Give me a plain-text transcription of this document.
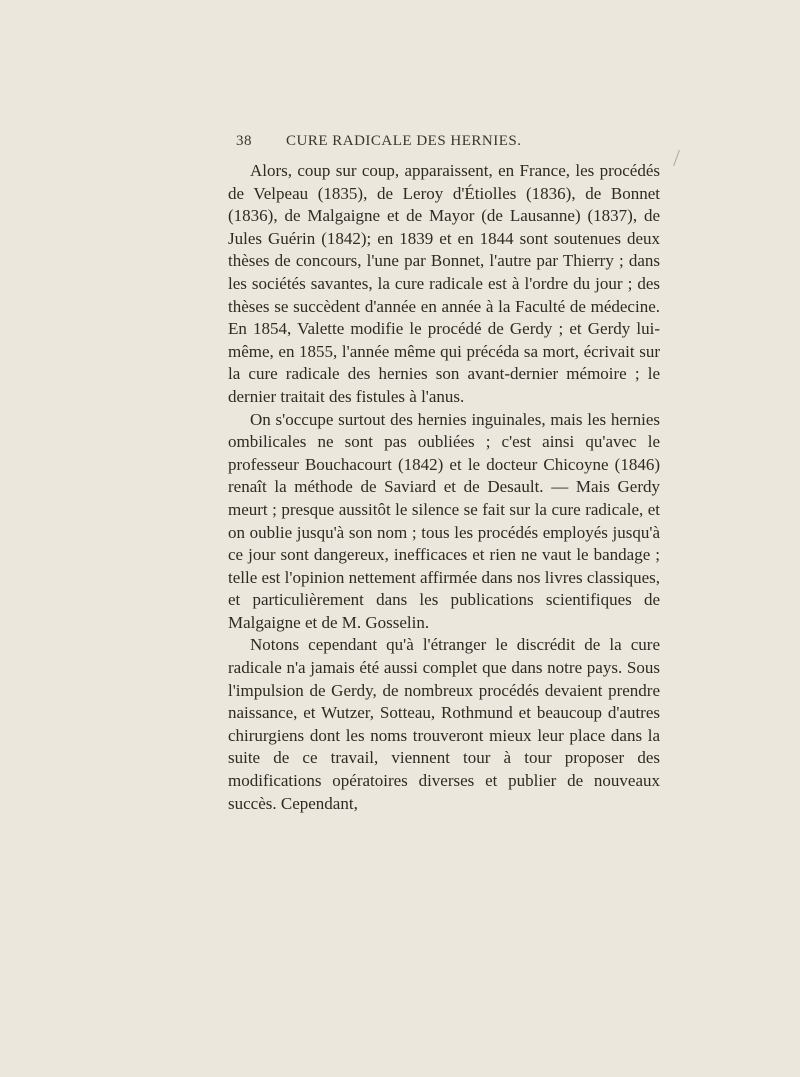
38 CURE RADICALE DES HERNIES.

Alors, coup sur coup, apparaissent, en France, les procédés de Velpeau (1835), de Leroy d'Étiolles (1836), de Bonnet (1836), de Malgaigne et de Mayor (de Lausanne) (1837), de Jules Guérin (1842); en 1839 et en 1844 sont soutenues deux thèses de concours, l'une par Bonnet, l'autre par Thierry ; dans les sociétés savantes, la cure radicale est à l'ordre du jour ; des thèses se succèdent d'année en année à la Faculté de médecine. En 1854, Valette modifie le procédé de Gerdy ; et Gerdy lui-même, en 1855, l'année même qui précéda sa mort, écrivait sur la cure radicale des hernies son avant-dernier mémoire ; le dernier traitait des fistules à l'anus.

On s'occupe surtout des hernies inguinales, mais les hernies ombilicales ne sont pas oubliées ; c'est ainsi qu'avec le professeur Bouchacourt (1842) et le docteur Chicoyne (1846) renaît la méthode de Saviard et de Desault. — Mais Gerdy meurt ; presque aussitôt le silence se fait sur la cure radicale, et on oublie jusqu'à son nom ; tous les procédés employés jusqu'à ce jour sont dangereux, inefficaces et rien ne vaut le bandage ; telle est l'opinion nettement affirmée dans nos livres classiques, et particulièrement dans les publications scientifiques de Malgaigne et de M. Gosselin.

Notons cependant qu'à l'étranger le discrédit de la cure radicale n'a jamais été aussi complet que dans notre pays. Sous l'impulsion de Gerdy, de nombreux procédés devaient prendre naissance, et Wutzer, Sotteau, Rothmund et beaucoup d'autres chirurgiens dont les noms trouveront mieux leur place dans la suite de ce travail, viennent tour à tour proposer des modifications opératoires diverses et publier de nouveaux succès. Cependant,
